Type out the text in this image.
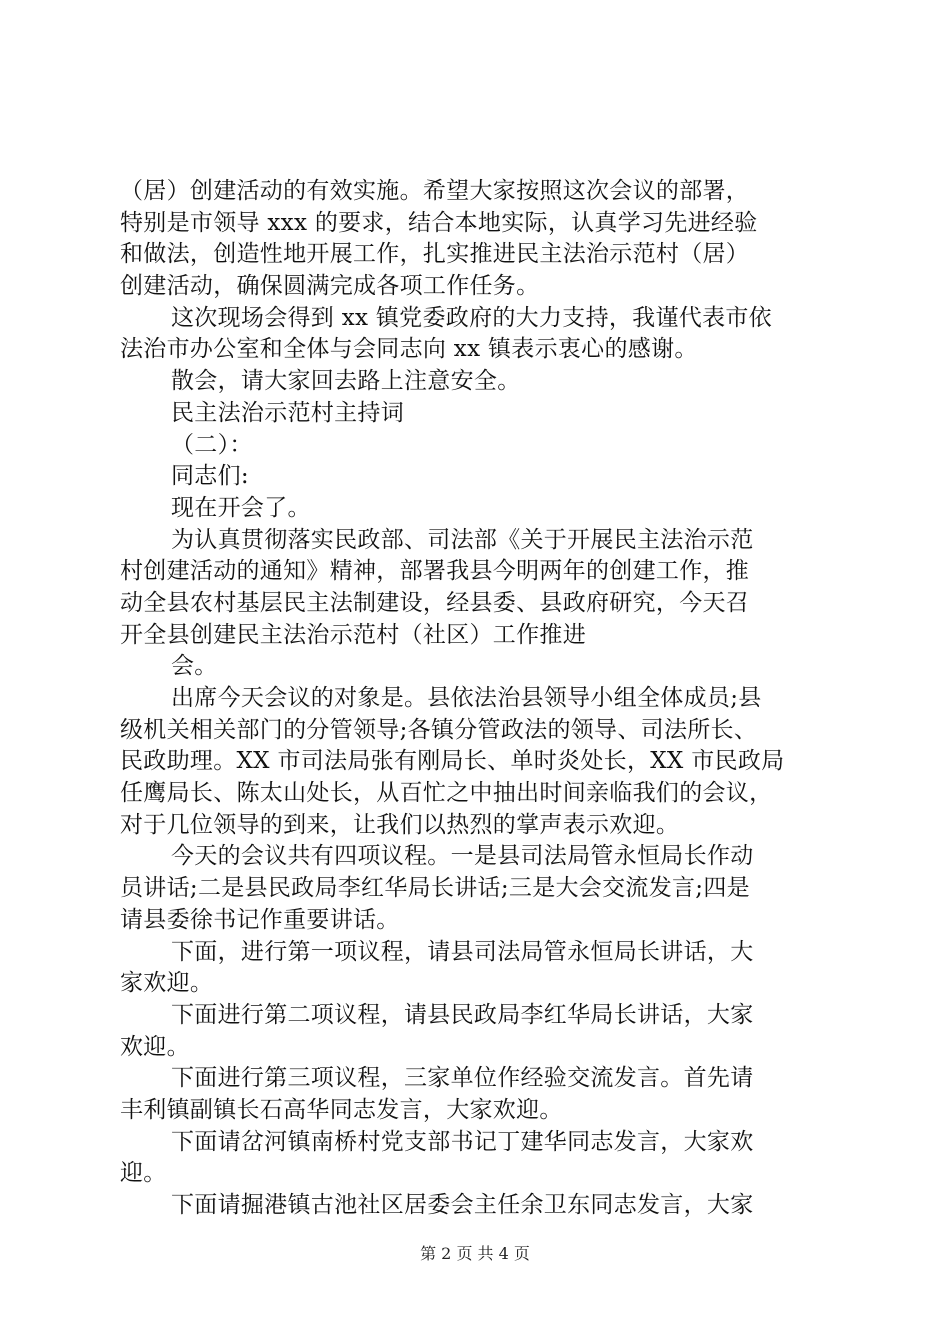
（居）创建活动的有效实施。希望大家按照这次会议的部署，
特别是市领导 xxx 的要求，结合本地实际，认真学习先进经验
和做法，创造性地开展工作，扎实推进民主法治示范村（居）
创建活动，确保圆满完成各项工作任务。
这次现场会得到 xx 镇党委政府的大力支持，我谨代表市依
法治市办公室和全体与会同志向 xx 镇表示衷心的感谢。
散会，请大家回去路上注意安全。
民主法治示范村主持词
（二）：
同志们:
现在开会了。
为认真贯彻落实民政部、司法部《关于开展民主法治示范
村创建活动的通知》精神，部署我县今明两年的创建工作，推
动全县农村基层民主法制建设，经县委、县政府研究，今天召
开全县创建民主法治示范村（社区）工作推进
会。
出席今天会议的对象是。县依法治县领导小组全体成员;县
级机关相关部门的分管领导;各镇分管政法的领导、司法所长、
民政助理。XX 市司法局张有刚局长、单时炎处长，XX 市民政局
任鹰局长、陈太山处长，从百忙之中抽出时间亲临我们的会议，
对于几位领导的到来，让我们以热烈的掌声表示欢迎。
今天的会议共有四项议程。一是县司法局管永恒局长作动
员讲话;二是县民政局李红华局长讲话;三是大会交流发言;四是
请县委徐书记作重要讲话。
下面，进行第一项议程，请县司法局管永恒局长讲话，大
家欢迎。
下面进行第二项议程，请县民政局李红华局长讲话，大家
欢迎。
下面进行第三项议程，三家单位作经验交流发言。首先请
丰利镇副镇长石高华同志发言，大家欢迎。
下面请岔河镇南桥村党支部书记丁建华同志发言，大家欢
迎。
下面请掘港镇古池社区居委会主任余卫东同志发言，大家
第 2 页 共 4 页
